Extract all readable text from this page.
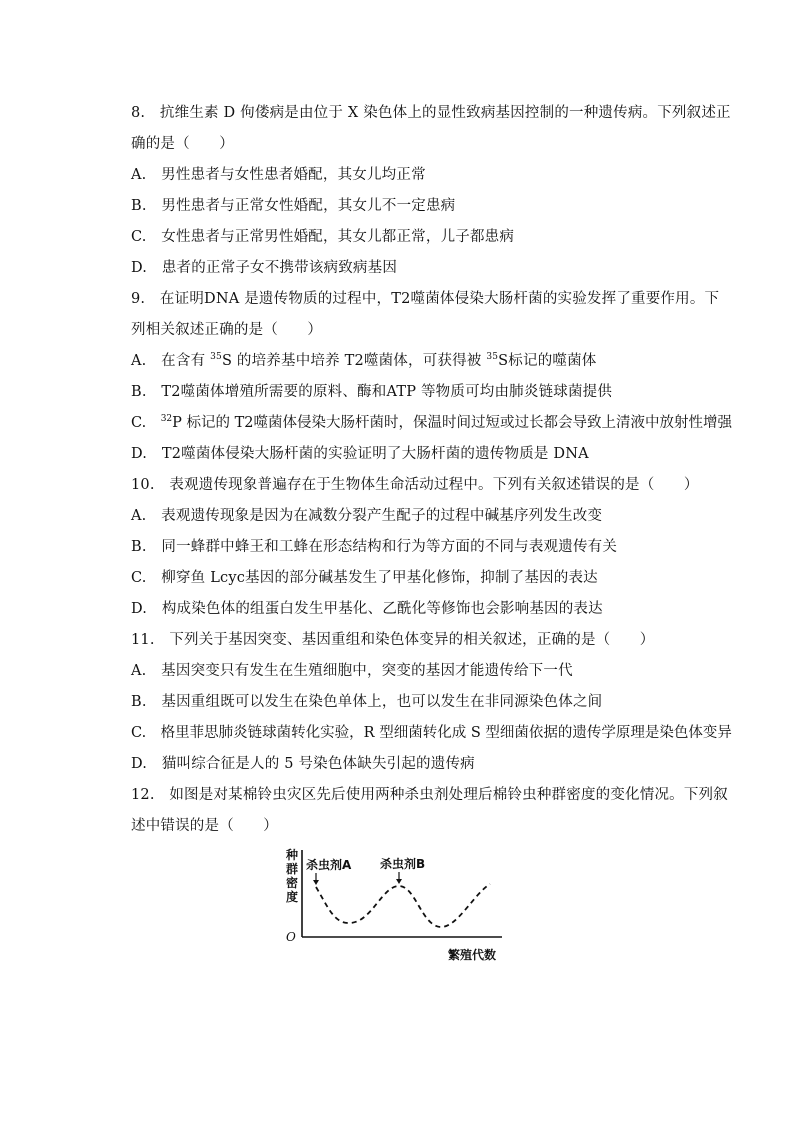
8.　抗维生素 D 佝偻病是由位于 X 染色体上的显性致病基因控制的一种遗传病。下列叙述正
确的是（　　）
A.　男性患者与女性患者婚配，其女儿均正常
B.　男性患者与正常女性婚配，其女儿不一定患病
C.　女性患者与正常男性婚配，其女儿都正常，儿子都患病
D.　患者的正常子女不携带该病致病基因
9.　在证明DNA 是遗传物质的过程中，T2噬菌体侵染大肠杆菌的实验发挥了重要作用。下
列相关叙述正确的是（　　）
A.　在含有 $^{35}$S 的培养基中培养 T2噬菌体，可获得被 $^{35}$S标记的噬菌体
B.　T2噬菌体增殖所需要的原料、酶和ATP 等物质可均由肺炎链球菌提供
C.　$^{32}$P 标记的 T2噬菌体侵染大肠杆菌时，保温时间过短或过长都会导致上清液中放射性增强
D.　T2噬菌体侵染大肠杆菌的实验证明了大肠杆菌的遗传物质是 DNA
10.　表观遗传现象普遍存在于生物体生命活动过程中。下列有关叙述错误的是（　　）
A.　表观遗传现象是因为在减数分裂产生配子的过程中碱基序列发生改变
B.　同一蜂群中蜂王和工蜂在形态结构和行为等方面的不同与表观遗传有关
C.　柳穿鱼 Lcyc基因的部分碱基发生了甲基化修饰，抑制了基因的表达
D.　构成染色体的组蛋白发生甲基化、乙酰化等修饰也会影响基因的表达
11.　下列关于基因突变、基因重组和染色体变异的相关叙述，正确的是（　　）
A.　基因突变只有发生在生殖细胞中，突变的基因才能遗传给下一代
B.　基因重组既可以发生在染色单体上，也可以发生在非同源染色体之间
C.　格里菲思肺炎链球菌转化实验，R 型细菌转化成 S 型细菌依据的遗传学原理是染色体变异
D.　猫叫综合征是人的 5 号染色体缺失引起的遗传病
12.　如图是对某棉铃虫灾区先后使用两种杀虫剂处理后棉铃虫种群密度的变化情况。下列叙
述中错误的是（　　）
种
群
密
度
O
繁殖代数
杀虫剂A 杀虫剂B
